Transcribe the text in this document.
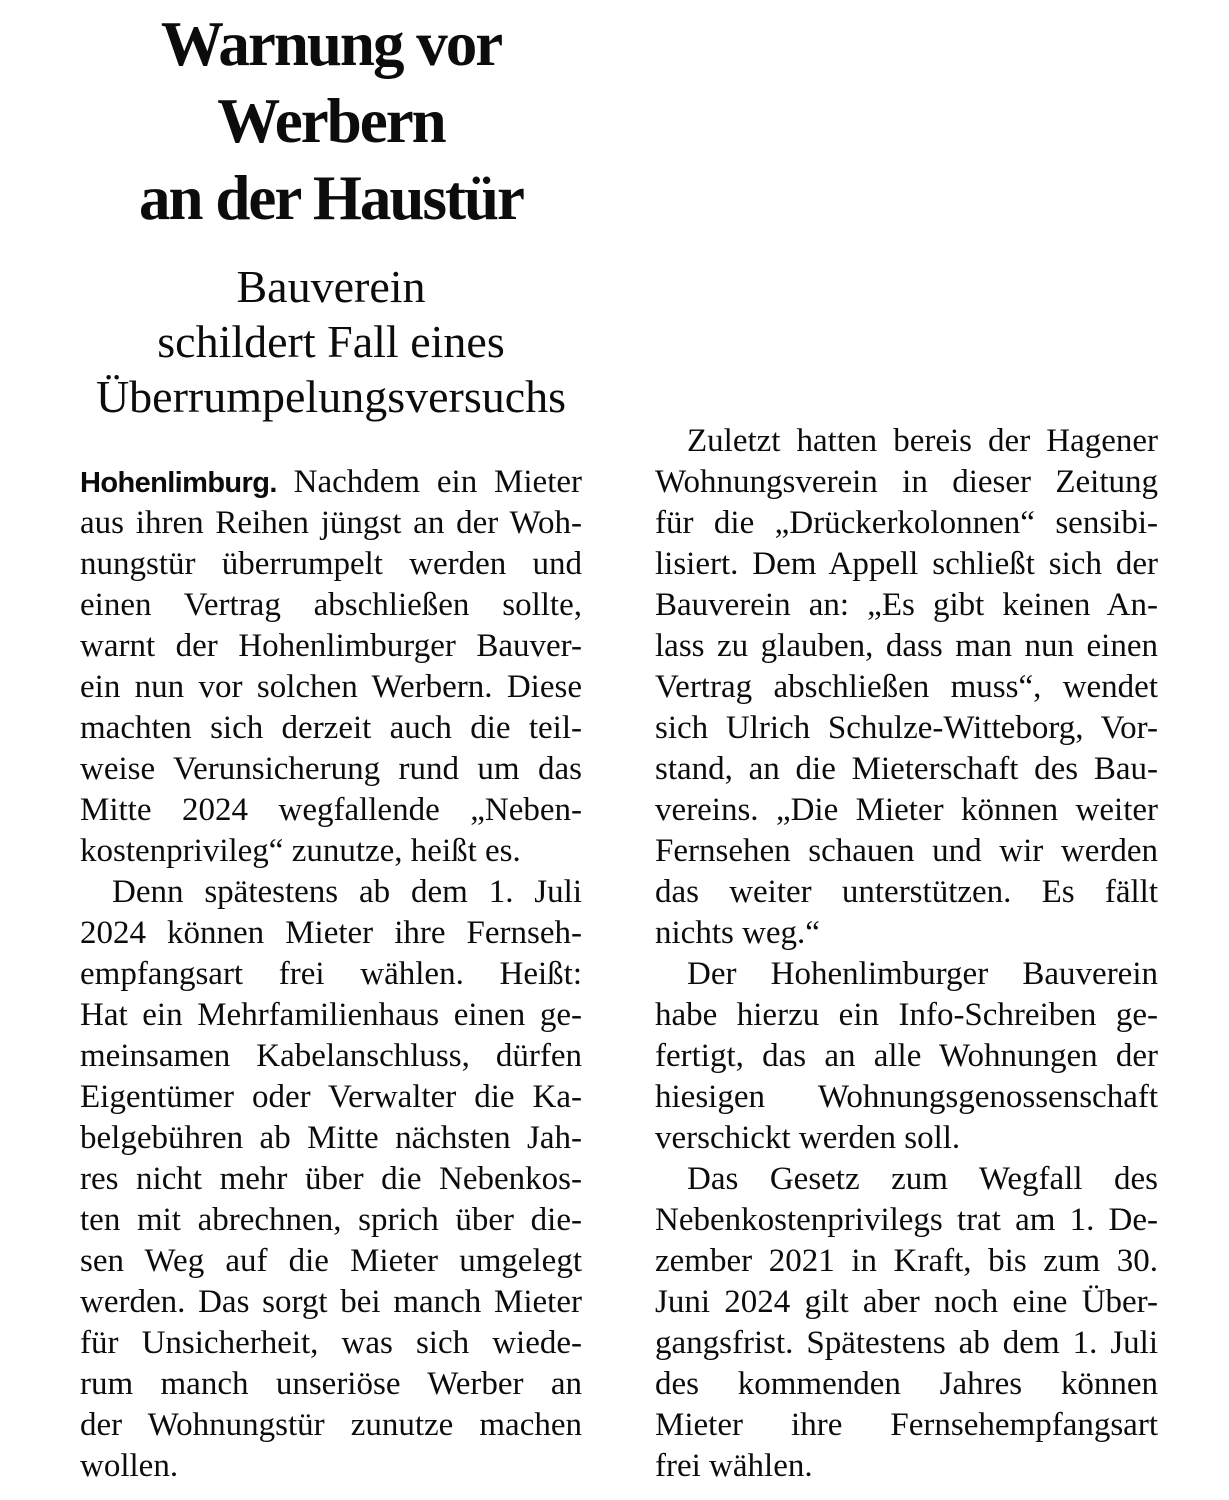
Warnung vor
Werbern
an der Haustür
Bauverein
schildert Fall eines
Überrumpelungsversuchs
Hohenlimburg. Nachdem ein Mieter
aus ihren Reihen jüngst an der Woh-
nungstür überrumpelt werden und
einen Vertrag abschließen sollte,
warnt der Hohenlimburger Bauver-
ein nun vor solchen Werbern. Diese
machten sich derzeit auch die teil-
weise Verunsicherung rund um das
Mitte 2024 wegfallende „Neben-
kostenprivileg“ zunutze, heißt es.
Denn spätestens ab dem 1. Juli
2024 können Mieter ihre Fernseh-
empfangsart frei wählen. Heißt:
Hat ein Mehrfamilienhaus einen ge-
meinsamen Kabelanschluss, dürfen
Eigentümer oder Verwalter die Ka-
belgebühren ab Mitte nächsten Jah-
res nicht mehr über die Nebenkos-
ten mit abrechnen, sprich über die-
sen Weg auf die Mieter umgelegt
werden. Das sorgt bei manch Mieter
für Unsicherheit, was sich wiede-
rum manch unseriöse Werber an
der Wohnungstür zunutze machen
wollen.
Zuletzt hatten bereis der Hagener
Wohnungsverein in dieser Zeitung
für die „Drückerkolonnen“ sensibi-
lisiert. Dem Appell schließt sich der
Bauverein an: „Es gibt keinen An-
lass zu glauben, dass man nun einen
Vertrag abschließen muss“, wendet
sich Ulrich Schulze-Witteborg, Vor-
stand, an die Mieterschaft des Bau-
vereins. „Die Mieter können weiter
Fernsehen schauen und wir werden
das weiter unterstützen. Es fällt
nichts weg.“
Der Hohenlimburger Bauverein
habe hierzu ein Info-Schreiben ge-
fertigt, das an alle Wohnungen der
hiesigen Wohnungsgenossenschaft
verschickt werden soll.
Das Gesetz zum Wegfall des
Nebenkostenprivilegs trat am 1. De-
zember 2021 in Kraft, bis zum 30.
Juni 2024 gilt aber noch eine Über-
gangsfrist. Spätestens ab dem 1. Juli
des kommenden Jahres können
Mieter ihre Fernsehempfangsart
frei wählen.
